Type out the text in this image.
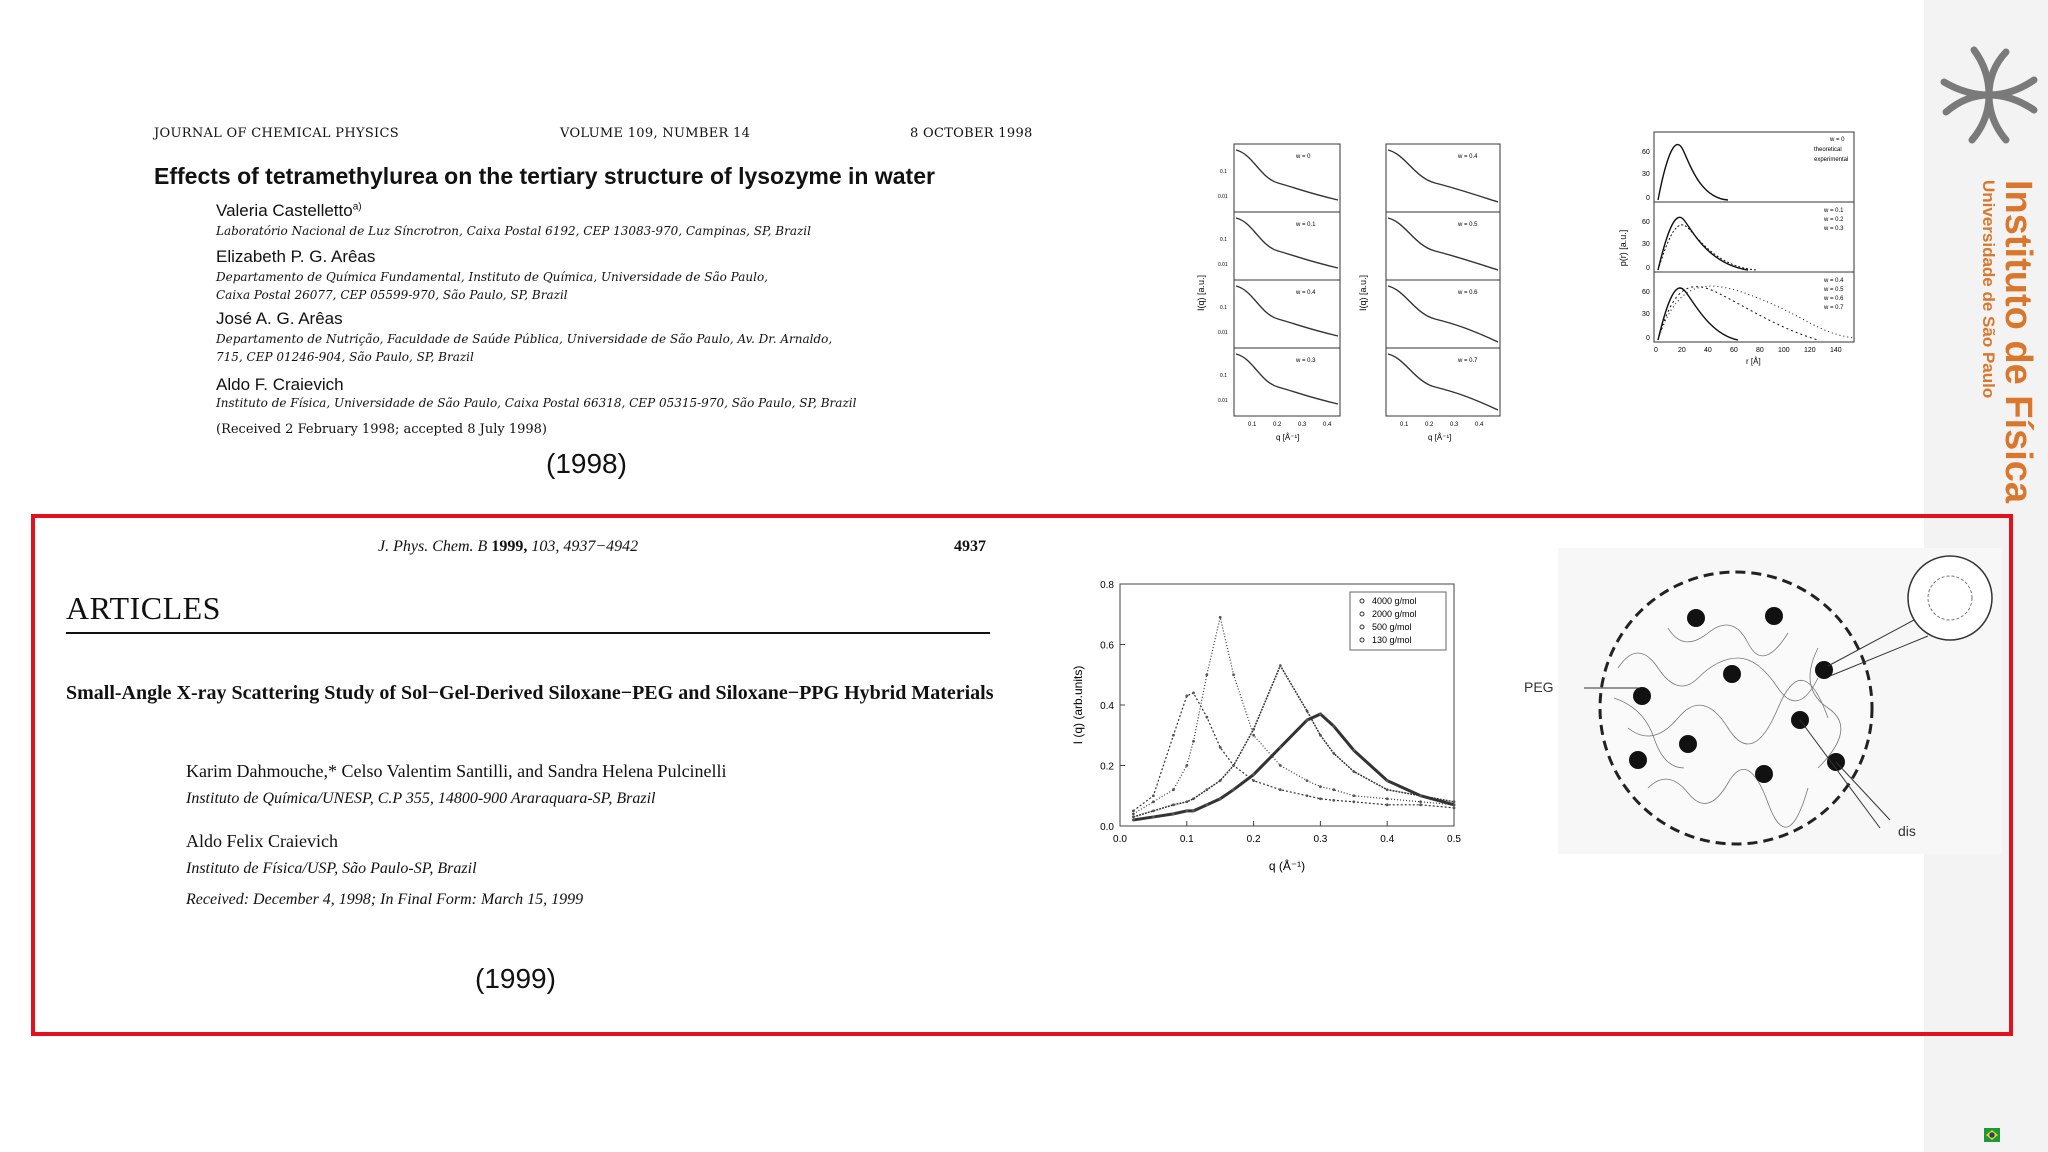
Instituto de Física
Universidade de São Paulo
JOURNAL OF CHEMICAL PHYSICS	VOLUME 109, NUMBER 14	8 OCTOBER 1998
Effects of tetramethylurea on the tertiary structure of lysozyme in water
Valeria Castelletto$^{a)}$
Laboratório Nacional de Luz Síncrotron, Caixa Postal 6192, CEP 13083-970, Campinas, SP, Brazil
Elizabeth P. G. Arêas
Departamento de Química Fundamental, Instituto de Química, Universidade de São Paulo,
Caixa Postal 26077, CEP 05599-970, São Paulo, SP, Brazil
José A. G. Arêas
Departamento de Nutrição, Faculdade de Saúde Pública, Universidade de São Paulo, Av. Dr. Arnaldo,
715, CEP 01246-904, São Paulo, SP, Brazil
Aldo F. Craievich
Instituto de Física, Universidade de São Paulo, Caixa Postal 66318, CEP 05315-970, São Paulo, SP, Brazil
(Received 2 February 1998; accepted 8 July 1998)
(1998)
I(q) [a.u.]
w = 0
0.1
0.01
w = 0.1
0.1
0.01
w = 0.4
0.1
0.01
w = 0.3
0.1
0.01
0.1	0.2	0.3	0.4
q [Å⁻¹]
I(q) [a.u.]
w = 0.4
w = 0.5
w = 0.6
w = 0.7
0.1	0.2	0.3	0.4
q [Å⁻¹]
p(r) [a.u.]
60
30
0
w = 0
theoretical
experimental
60
30
0
w = 0.1
w = 0.2
w = 0.3
60
30
0
w = 0.4
w = 0.5
w = 0.6
w = 0.7
0	20	40	60	80 100 120 140
r [Å]
J. Phys. Chem. B 1999, 103, 4937−4942	4937
ARTICLES
Small-Angle X-ray Scattering Study of Sol−Gel-Derived Siloxane−PEG and Siloxane−PPG Hybrid Materials
Karim Dahmouche,* Celso Valentim Santilli, and Sandra Helena Pulcinelli
Instituto de Química/UNESP, C.P 355, 14800-900 Araraquara-SP, Brazil
Aldo Felix Craievich
Instituto de Física/USP, São Paulo-SP, Brazil
Received: December 4, 1998; In Final Form: March 15, 1999
(1999)
0.0
0.2
0.4
0.6
0.8
0.0	0.1	0.2	0.3	0.4	0.5
4000 g/mol
2000 g/mol
500 g/mol
130 g/mol
I (q) (arb.units)
q (Å⁻¹)
PEG
dis
